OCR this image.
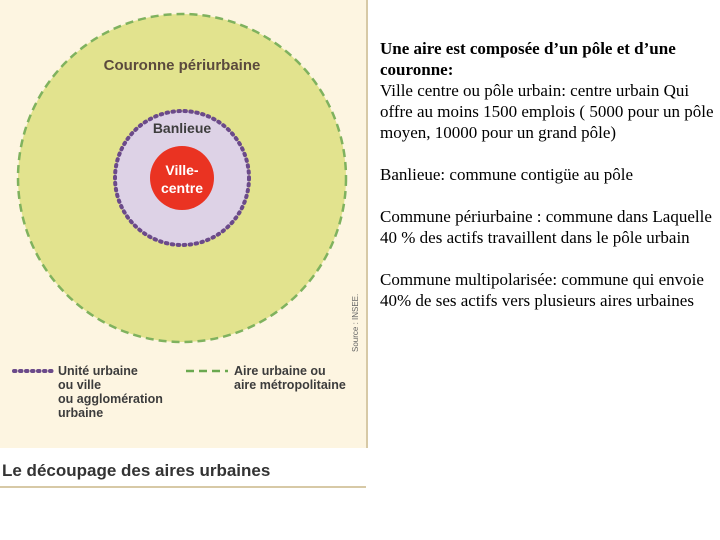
Couronne périurbaine
Banlieue
Ville-
centre
Source : INSEE.
Unité urbaine
ou ville
ou agglomération
urbaine
Aire urbaine ou
aire métropolitaine
Le découpage des aires urbaines

Une aire est composée d’un pôle et d’une couronne:

Ville centre ou pôle urbain: centre urbain Qui offre au moins 1500 emplois ( 5000 pour un pôle moyen, 10000 pour un grand pôle)

Banlieue: commune contigüe au pôle

Commune périurbaine : commune dans Laquelle 40 % des actifs travaillent dans le pôle urbain

Commune multipolarisée: commune qui envoie 40% de ses actifs vers plusieurs aires urbaines
